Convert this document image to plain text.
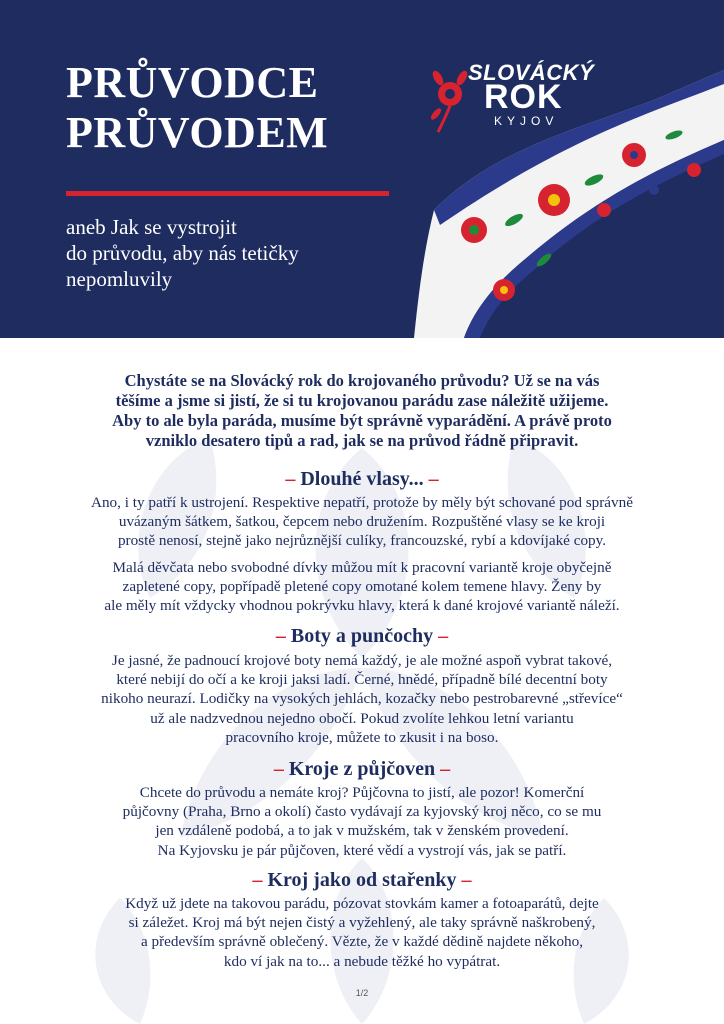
PRŮVODCE
PRŮVODEM
aneb Jak se vystrojit
do průvodu, aby nás tetičky
nepomluvily
SLOVÁCKÝ
ROK
KYJOV
Chystáte se na Slovácký rok do krojovaného průvodu? Už se na vás
těšíme a jsme si jistí, že si tu krojovanou parádu zase náležitě užijeme.
Aby to ale byla paráda, musíme být správně vyparádění. A právě proto
vzniklo desatero tipů a rad, jak se na průvod řádně připravit.
– Dlouhé vlasy... –
Ano, i ty patří k ustrojení. Respektive nepatří, protože by měly být schované pod správně
uvázaným šátkem, šatkou, čepcem nebo družením. Rozpuštěné vlasy se ke kroji
prostě nenosí, stejně jako nejrůznější culíky, francouzské, rybí a kdovíjaké copy.
Malá děvčata nebo svobodné dívky můžou mít k pracovní variantě kroje obyčejně
zapletené copy, popřípadě pletené copy omotané kolem temene hlavy. Ženy by
ale měly mít vždycky vhodnou pokrývku hlavy, která k dané krojové variantě náleží.
– Boty a punčochy –
Je jasné, že padnoucí krojové boty nemá každý, je ale možné aspoň vybrat takové,
které nebijí do očí a ke kroji jaksi ladí. Černé, hnědé, případně bílé decentní boty
nikoho neurazí. Lodičky na vysokých jehlách, kozačky nebo pestrobarevné „střevíce“
už ale nadzvednou nejedno obočí. Pokud zvolíte lehkou letní variantu
pracovního kroje, můžete to zkusit i na boso.
– Kroje z půjčoven –
Chcete do průvodu a nemáte kroj? Půjčovna to jistí, ale pozor! Komerční
půjčovny (Praha, Brno a okolí) často vydávají za kyjovský kroj něco, co se mu
jen vzdáleně podobá, a to jak v mužském, tak v ženském provedení.
Na Kyjovsku je pár půjčoven, které vědí a vystrojí vás, jak se patří.
– Kroj jako od stařenky –
Když už jdete na takovou parádu, pózovat stovkám kamer a fotoaparátů, dejte
si záležet. Kroj má být nejen čistý a vyžehlený, ale taky správně naškrobený,
a především správně oblečený. Vězte, že v každé dědině najdete někoho,
kdo ví jak na to... a nebude těžké ho vypátrat.
1/2
